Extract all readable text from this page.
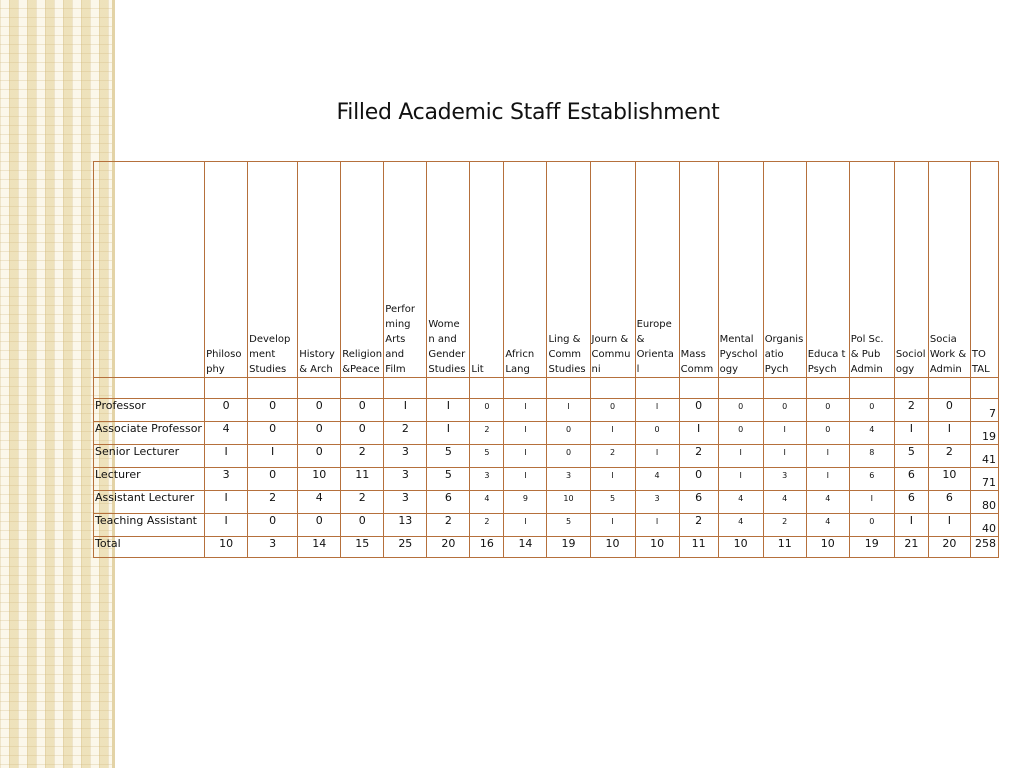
Filled Academic Staff Establishment
	Philoso phy	Develop ment Studies	History & Arch	Religion &Peace	Perfor ming Arts and Film	Wome n and Gender Studies	Lit	Africn Lang	Ling & Comm Studies	Journ & Commu ni	Europe & Orienta l	Mass Comm	Mental Pyschol ogy	Organis atio Pych	Educa t Psych	Pol Sc. & Pub Admin	Sociol ogy	Socia Work & Admin	TO TAL

Professor	0	0	0	0	I	I	0	I	I	0	I	0	0	0	0	0	2	0	7
Associate Professor	4	0	0	0	2	I	2	I	0	I	0	I	0	I	0	4	I	I	19
Senior Lecturer	I	I	0	2	3	5	5	I	0	2	I	2	I	I	I	8	5	2	41
Lecturer	3	0	10	11	3	5	3	I	3	I	4	0	I	3	I	6	6	10	71
Assistant Lecturer	I	2	4	2	3	6	4	9	10	5	3	6	4	4	4	I	6	6	80
Teaching Assistant	I	0	0	0	13	2	2	I	5	I	I	2	4	2	4	0	I	I	40
Total	10	3	14	15	25	20	16	14	19	10	10	11	10	11	10	19	21	20	258
